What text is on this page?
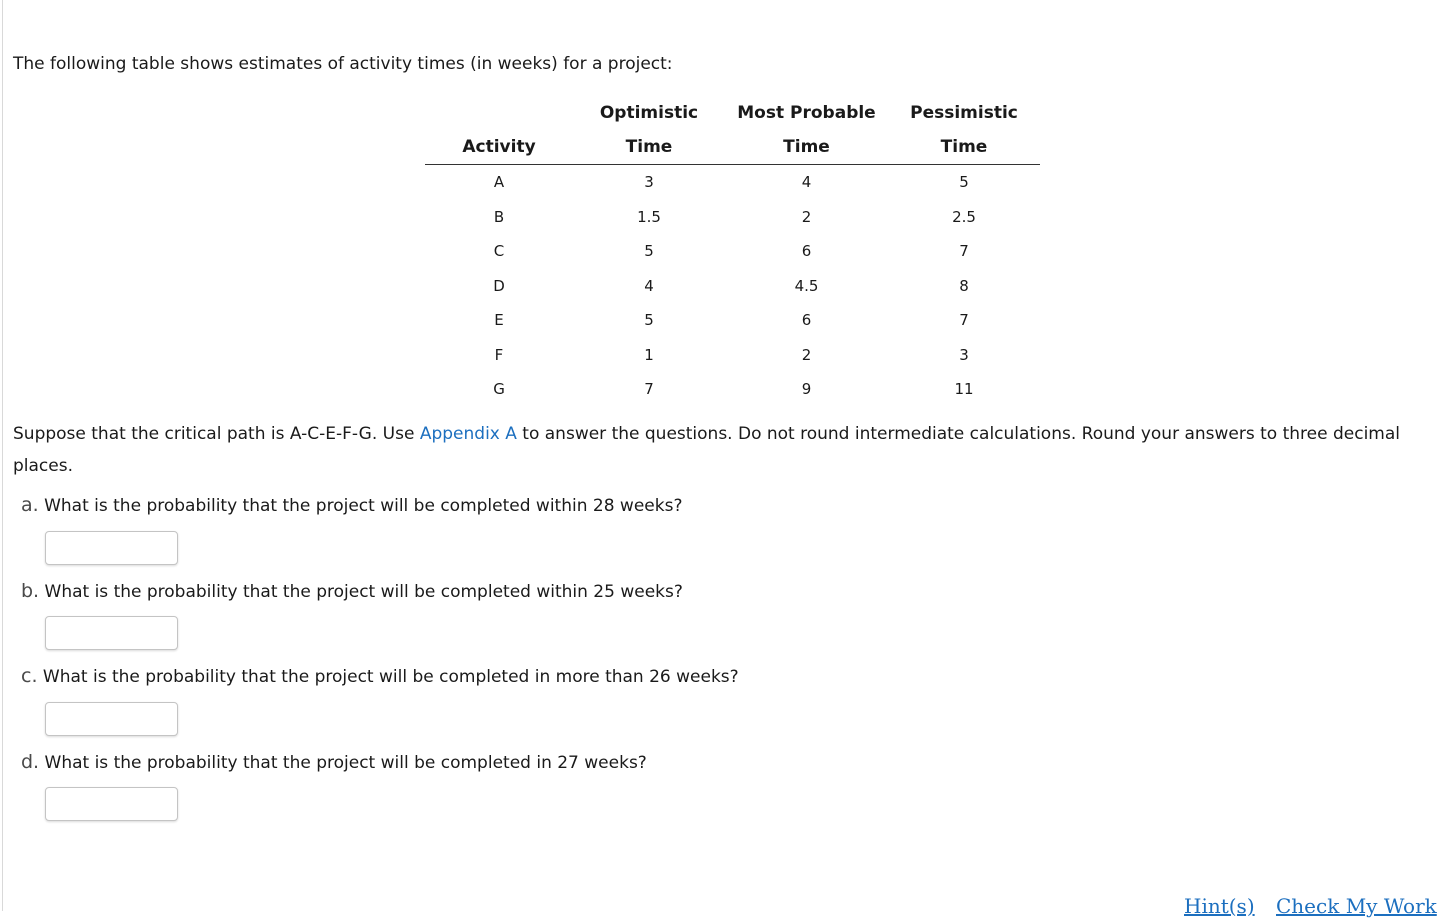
The following table shows estimates of activity times (in weeks) for a project:
	Optimistic	Most Probable	Pessimistic
Activity	Time	Time	Time
A	3	4	5
B	1.5	2	2.5
C	5	6	7
D	4	4.5	8
E	5	6	7
F	1	2	3
G	7	9	11
Suppose that the critical path is A-C-E-F-G. Use Appendix A to answer the questions. Do not round intermediate calculations. Round your answers to three decimal places.
a. What is the probability that the project will be completed within 28 weeks?
b. What is the probability that the project will be completed within 25 weeks?
c. What is the probability that the project will be completed in more than 26 weeks?
d. What is the probability that the project will be completed in 27 weeks?
Hint(s) Check My Work
